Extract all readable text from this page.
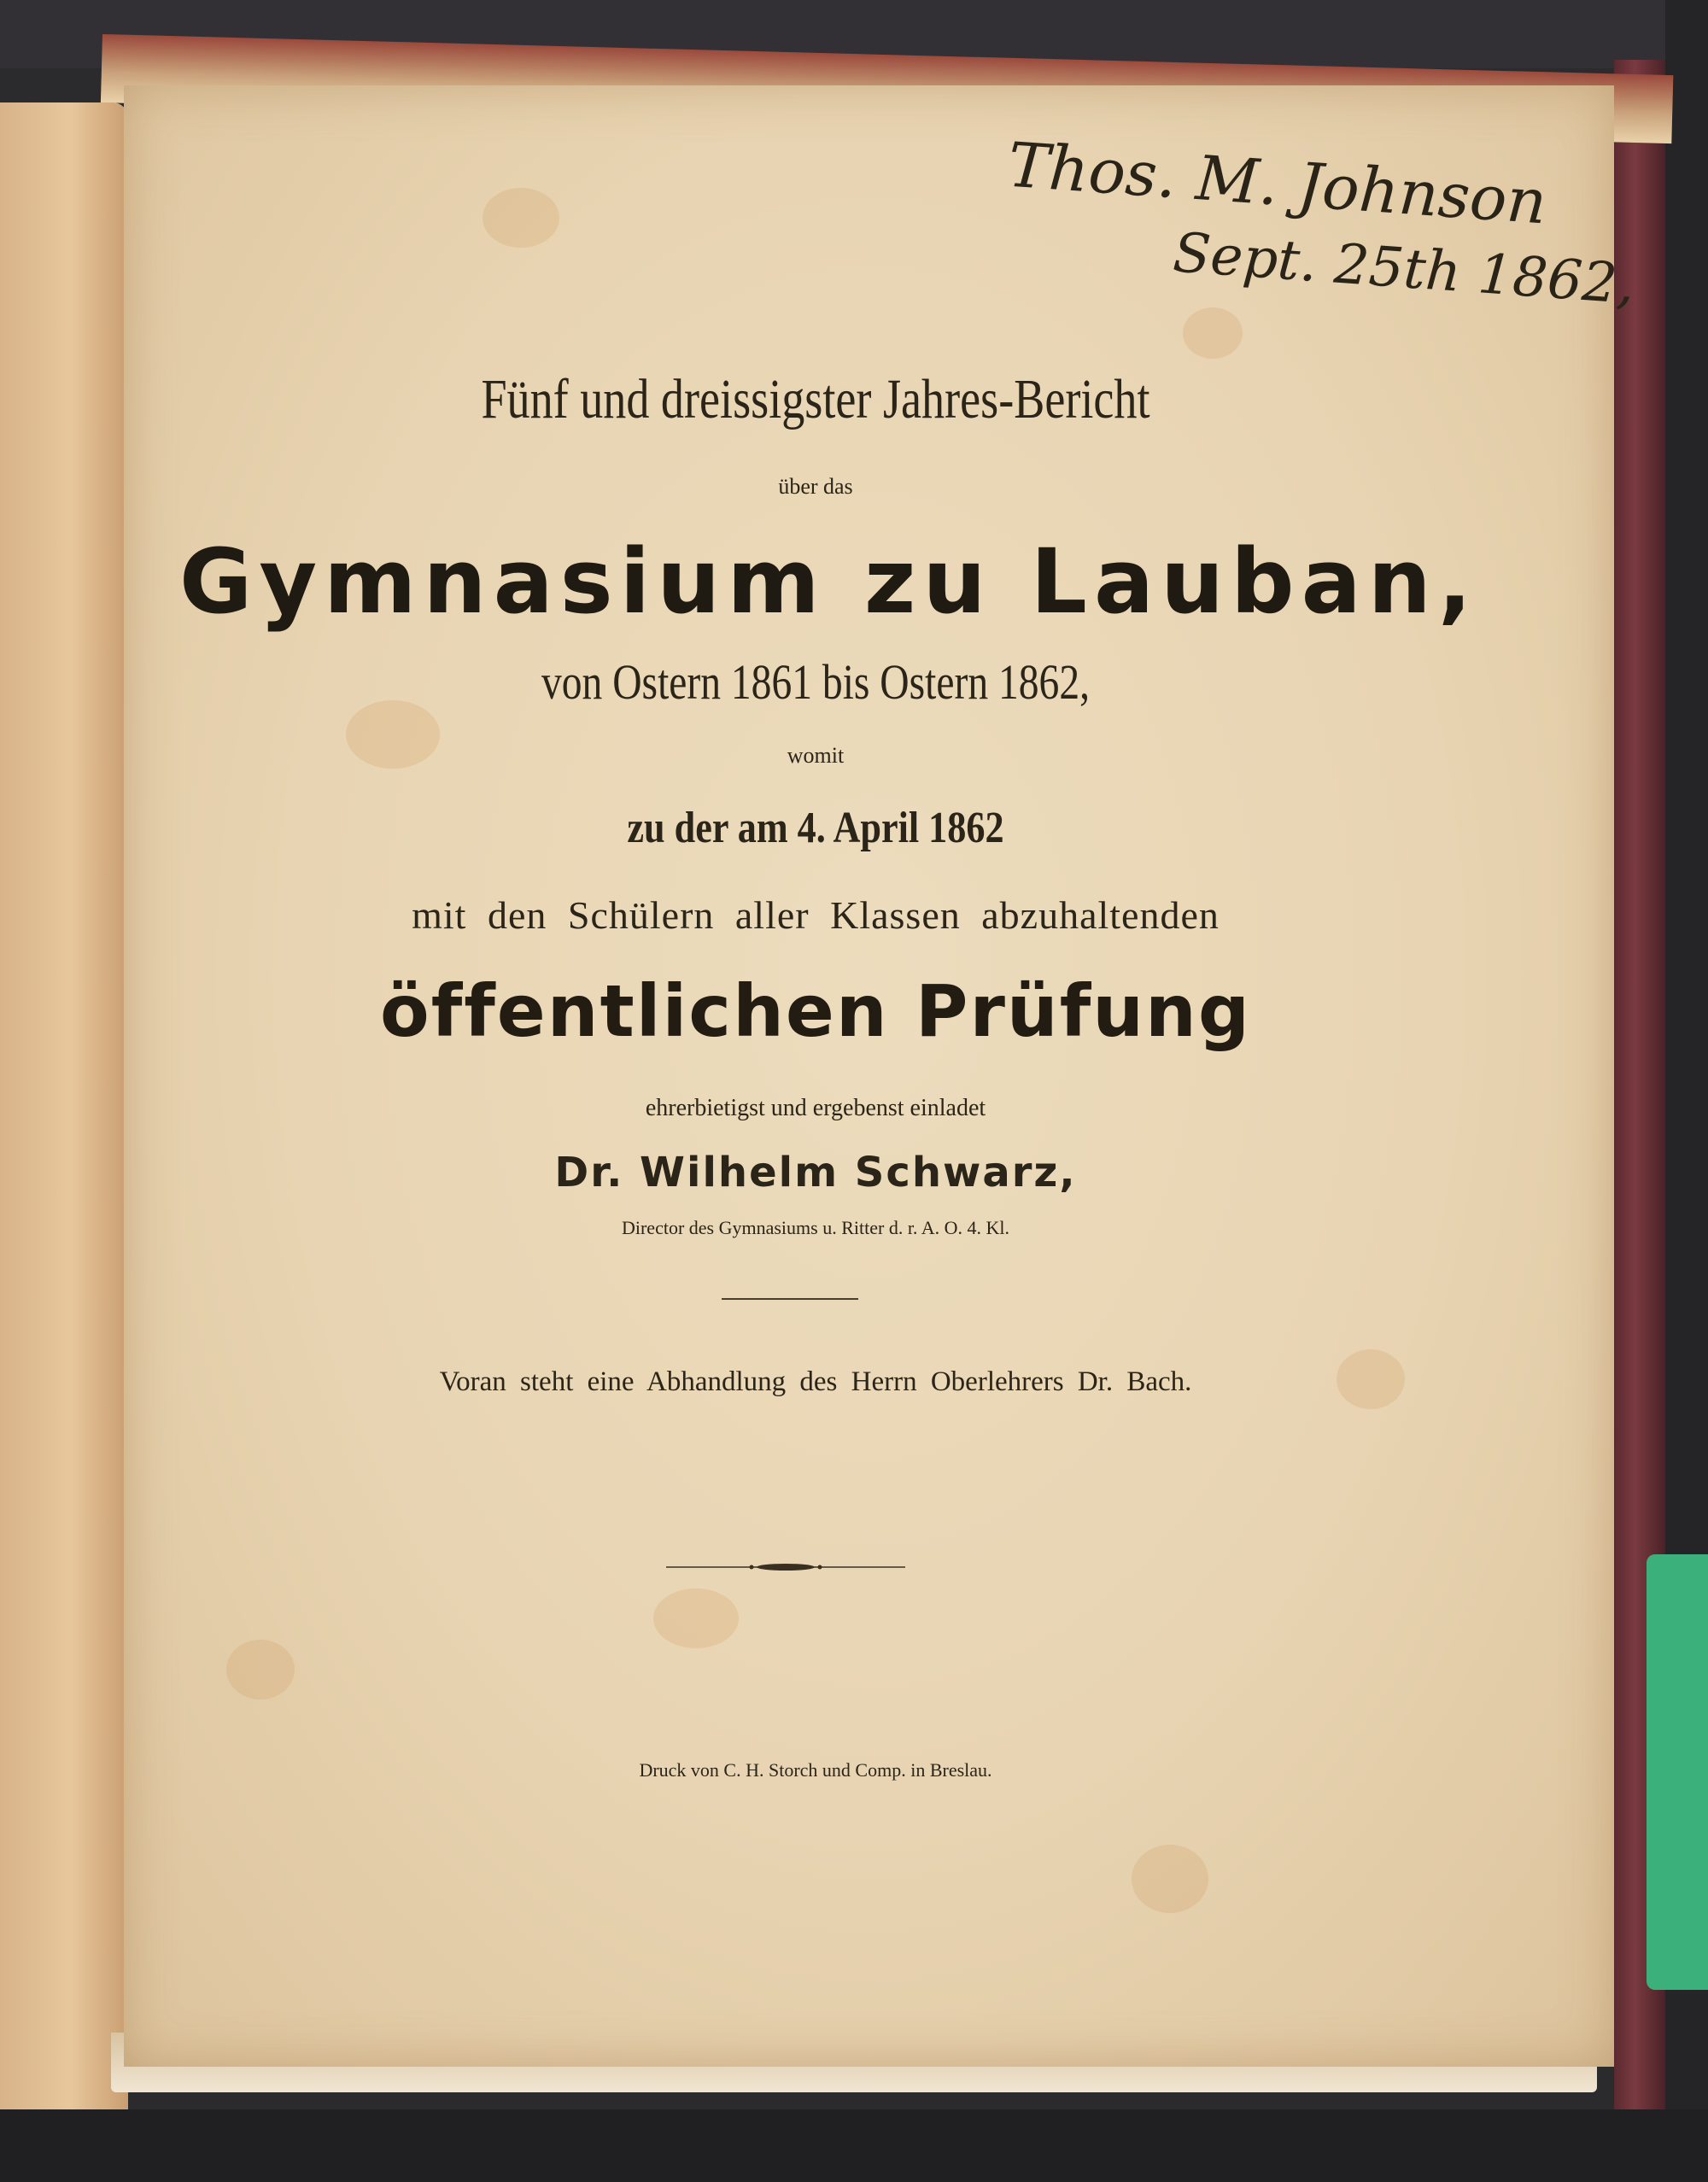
Thos. M. Johnson
Sept. 25th 1862,
Fünf und dreissigster Jahres-Bericht
über das
Gymnasium zu Lauban,
von Ostern 1861 bis Ostern 1862,
womit
zu der am 4. April 1862
mit den Schülern aller Klassen abzuhaltenden
öffentlichen Prüfung
ehrerbietigst und ergebenst einladet
Dr. Wilhelm Schwarz,
Director des Gymnasiums u. Ritter d. r. A. O. 4. Kl.
Voran steht eine Abhandlung des Herrn Oberlehrers Dr. Bach.
Druck von C. H. Storch und Comp. in Breslau.
